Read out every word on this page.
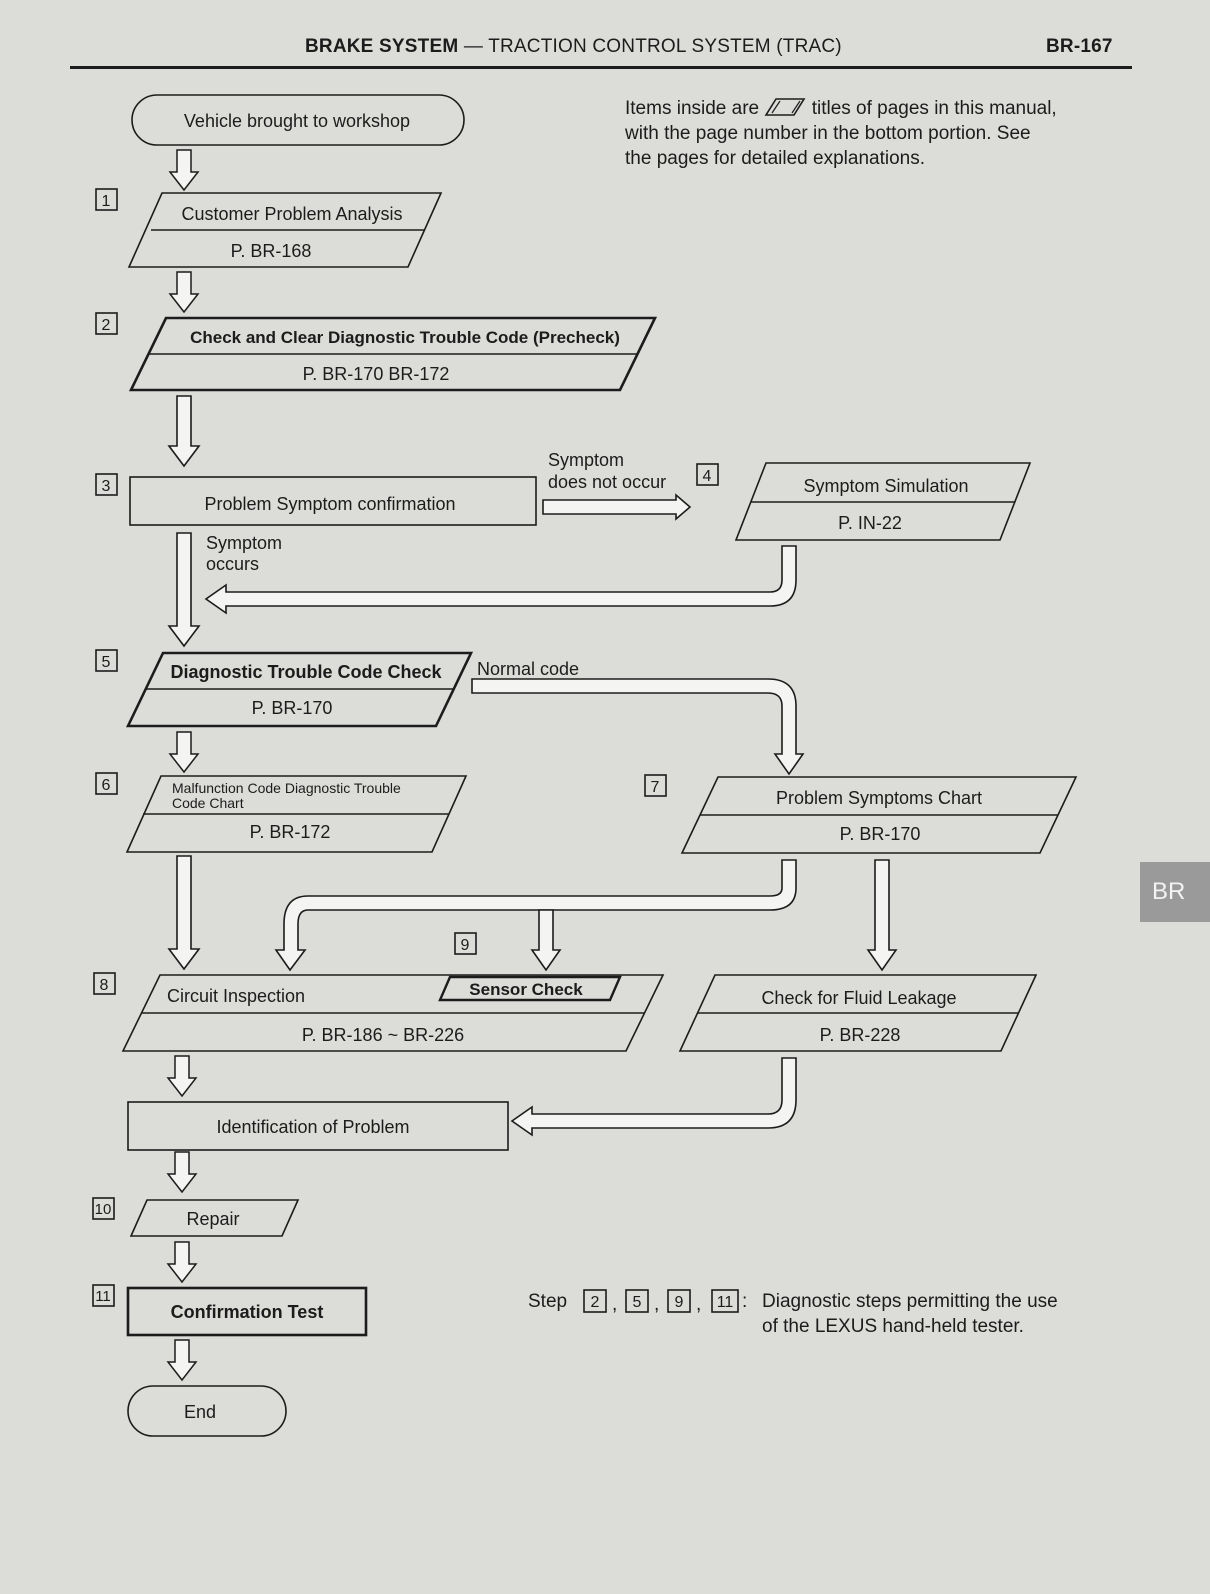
BRAKE SYSTEM — TRACTION CONTROL SYSTEM (TRAC)	BR-167
Items inside are	titles of pages in this manual,
with the page number in the bottom portion. See
the pages for detailed explanations.
BR
Vehicle brought to workshop
1
Customer Problem Analysis
P. BR-168
2
Check and Clear Diagnostic Trouble Code (Precheck)
P. BR-170 BR-172
3
Problem Symptom confirmation
Symptom
does not occur 4	Symptom Simulation
P. IN-22
Symptom
occurs
5	Diagnostic Trouble Code Check
P. BR-170
Normal code
6	Malfunction Code Diagnostic Trouble
Code Chart
P. BR-172
7
Problem Symptoms Chart
P. BR-170
9
8
Circuit Inspection	Sensor Check
P. BR-186 ~ BR-226
Check for Fluid Leakage
P. BR-228
Identification of Problem
10	Repair
11
Confirmation Test
End
Step 2 , 5 , 9 , 11 : Diagnostic steps permitting the use
of the LEXUS hand-held tester.
